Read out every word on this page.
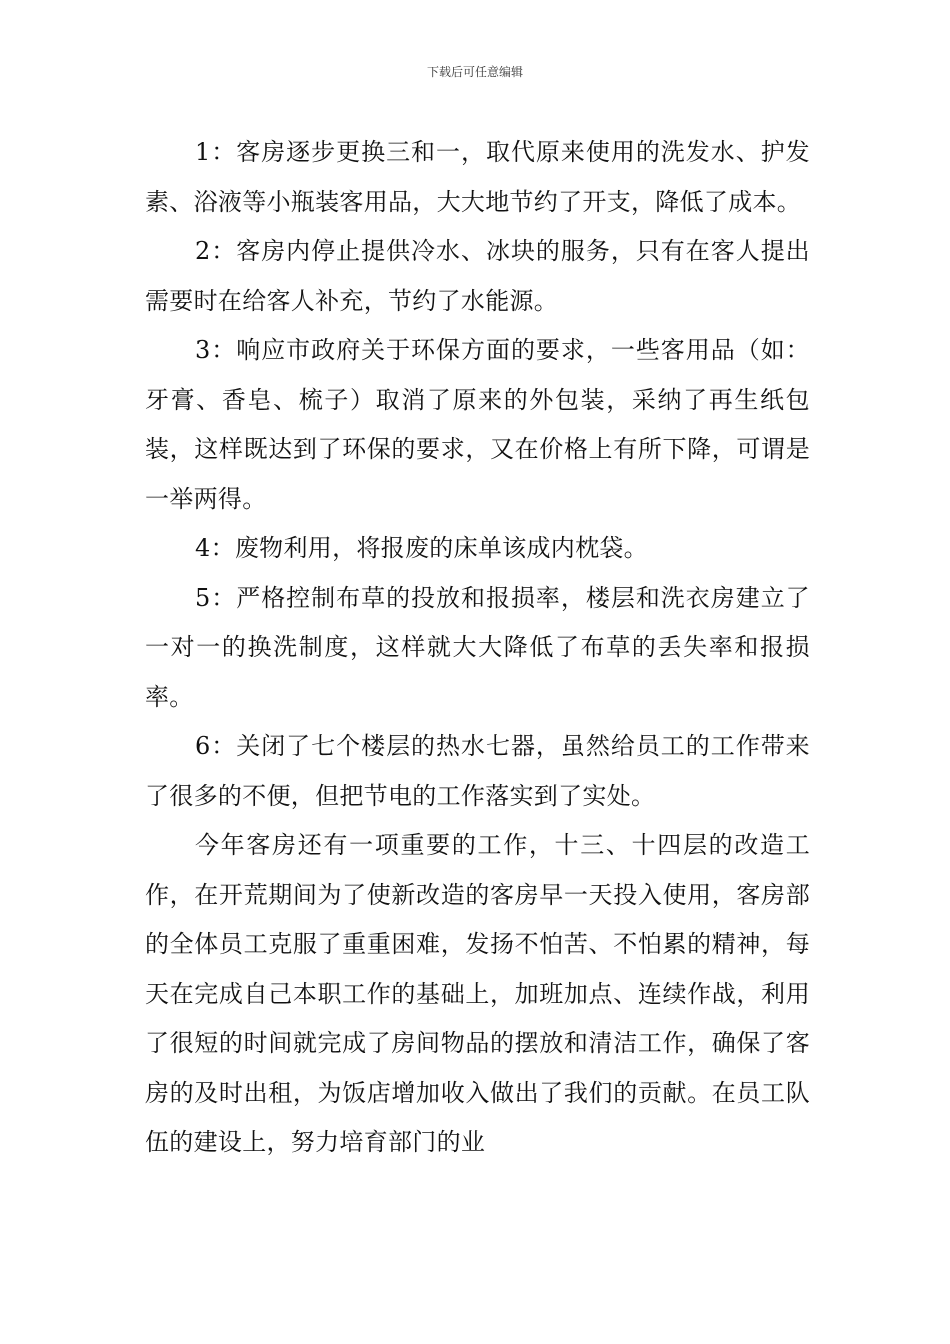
下载后可任意编辑

1：客房逐步更换三和一，取代原来使用的洗发水、护发素、浴液等小瓶装客用品，大大地节约了开支，降低了成本。

2：客房内停止提供冷水、冰块的服务，只有在客人提出需要时在给客人补充，节约了水能源。

3：响应市政府关于环保方面的要求，一些客用品（如：牙膏、香皂、梳子）取消了原来的外包装，采纳了再生纸包装，这样既达到了环保的要求，又在价格上有所下降，可谓是一举两得。

4：废物利用，将报废的床单该成内枕袋。

5：严格控制布草的投放和报损率，楼层和洗衣房建立了一对一的换洗制度，这样就大大降低了布草的丢失率和报损率。

6：关闭了七个楼层的热水七器，虽然给员工的工作带来了很多的不便，但把节电的工作落实到了实处。

今年客房还有一项重要的工作，十三、十四层的改造工作，在开荒期间为了使新改造的客房早一天投入使用，客房部的全体员工克服了重重困难，发扬不怕苦、不怕累的精神，每天在完成自己本职工作的基础上，加班加点、连续作战，利用了很短的时间就完成了房间物品的摆放和清洁工作，确保了客房的及时出租，为饭店增加收入做出了我们的贡献。在员工队伍的建设上，努力培育部门的业
